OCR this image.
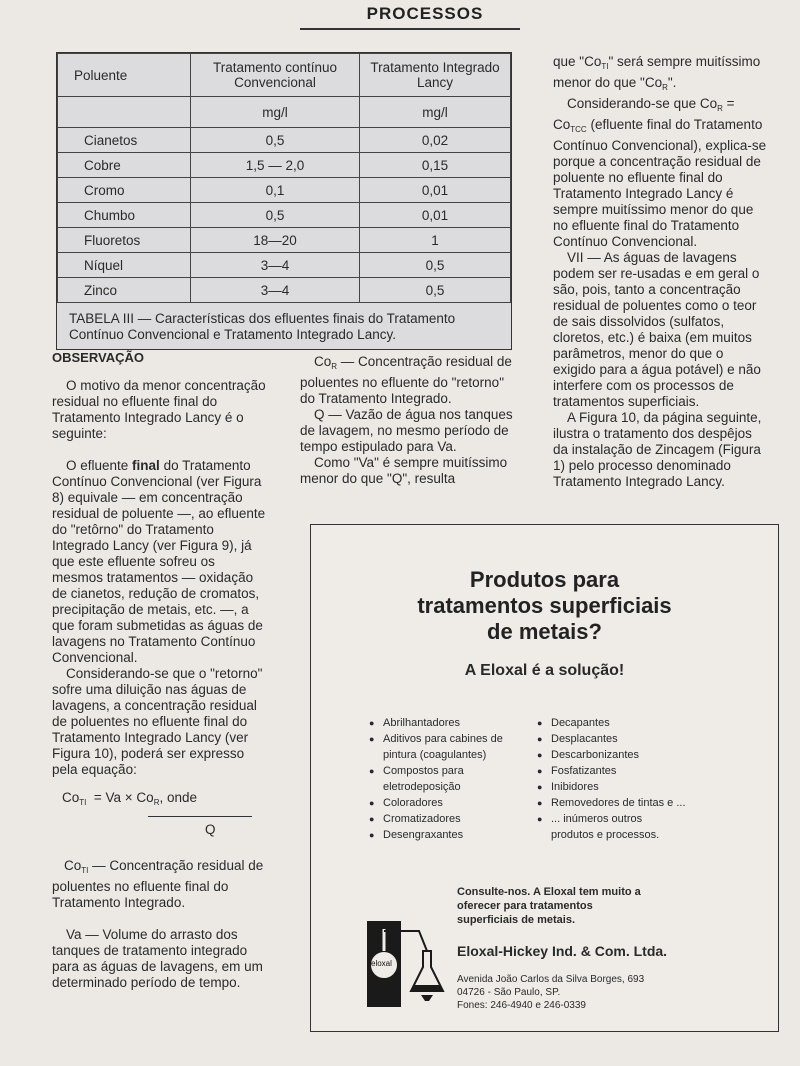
PROCESSOS
Poluente	Tratamento contínuo Convencional	Tratamento Integrado Lancy
	mg/l	mg/l
Cianetos	0,5	0,02
Cobre	1,5 — 2,0	0,15
Cromo	0,1	0,01
Chumbo	0,5	0,01
Fluoretos	18—20	1
Níquel	3—4	0,5
Zinco	3—4	0,5
TABELA III — Características dos efluentes finais do Tratamento Contínuo Convencional e Tratamento Integrado Lancy.

OBSERVAÇÃO

O motivo da menor concentração residual no efluente final do Tratamento Integrado Lancy é o seguinte:

O efluente final do Tratamento Contínuo Convencional (ver Figura 8) equivale — em concentração residual de poluente —, ao efluente do "retôrno" do Tratamento Integrado Lancy (ver Figura 9), já que este efluente sofreu os mesmos tratamentos — oxidação de cianetos, redução de cromatos, precipitação de metais, etc. —, a que foram submetidas as águas de lavagens no Tratamento Contínuo Convencional.

Considerando-se que o "retorno" sofre uma diluição nas águas de lavagens, a concentração residual de poluentes no efluente final do Tratamento Integrado Lancy (ver Figura 10), poderá ser expresso pela equação:

$Co_{TI} = Va \times Co_R$, onde
Q

$Co_{TI}$ — Concentração residual de poluentes no efluente final do Tratamento Integrado.

Va — Volume do arrasto dos tanques de tratamento integrado para as águas de lavagens, em um determinado período de tempo.

$Co_R$ — Concentração residual de poluentes no efluente do "retorno" do Tratamento Integrado.

Q — Vazão de água nos tanques de lavagem, no mesmo período de tempo estipulado para Va.

Como "Va" é sempre muitíssimo menor do que "Q", resulta

que "$Co_{TI}$" será sempre muitíssimo menor do que "$Co_R$".

Considerando-se que $Co_R = Co_{TCC}$ (efluente final do Tratamento Contínuo Convencional), explica-se porque a concentração residual de poluente no efluente final do Tratamento Integrado Lancy é sempre muitíssimo menor do que no efluente final do Tratamento Contínuo Convencional.

VII — As águas de lavagens podem ser re-usadas e em geral o são, pois, tanto a concentração residual de poluentes como o teor de sais dissolvidos (sulfatos, cloretos, etc.) é baixa (em muitos parâmetros, menor do que o exigido para a água potável) e não interfere com os processos de tratamentos superficiais.

A Figura 10, da página seguinte, ilustra o tratamento dos despêjos da instalação de Zincagem (Figura 1) pelo processo denominado Tratamento Integrado Lancy.

Produtos para tratamentos superficiais de metais?
A Eloxal é a solução!
● Abrilhantadores
● Aditivos para cabines de
pintura (coagulantes)
● Compostos para
eletrodeposição
● Coloradores
● Cromatizadores
● Desengraxantes
● Decapantes
● Desplacantes
● Descarbonizantes
● Fosfatizantes
● Inibidores
● Removedores de tintas e ...
● ... inúmeros outros
produtos e processos.
Consulte-nos. A Eloxal tem muito a oferecer para tratamentos superficiais de metais.
eloxal
Eloxal-Hickey Ind. & Com. Ltda.
Avenida João Carlos da Silva Borges, 693
04726 - São Paulo, SP.
Fones: 246-4940 e 246-0339
